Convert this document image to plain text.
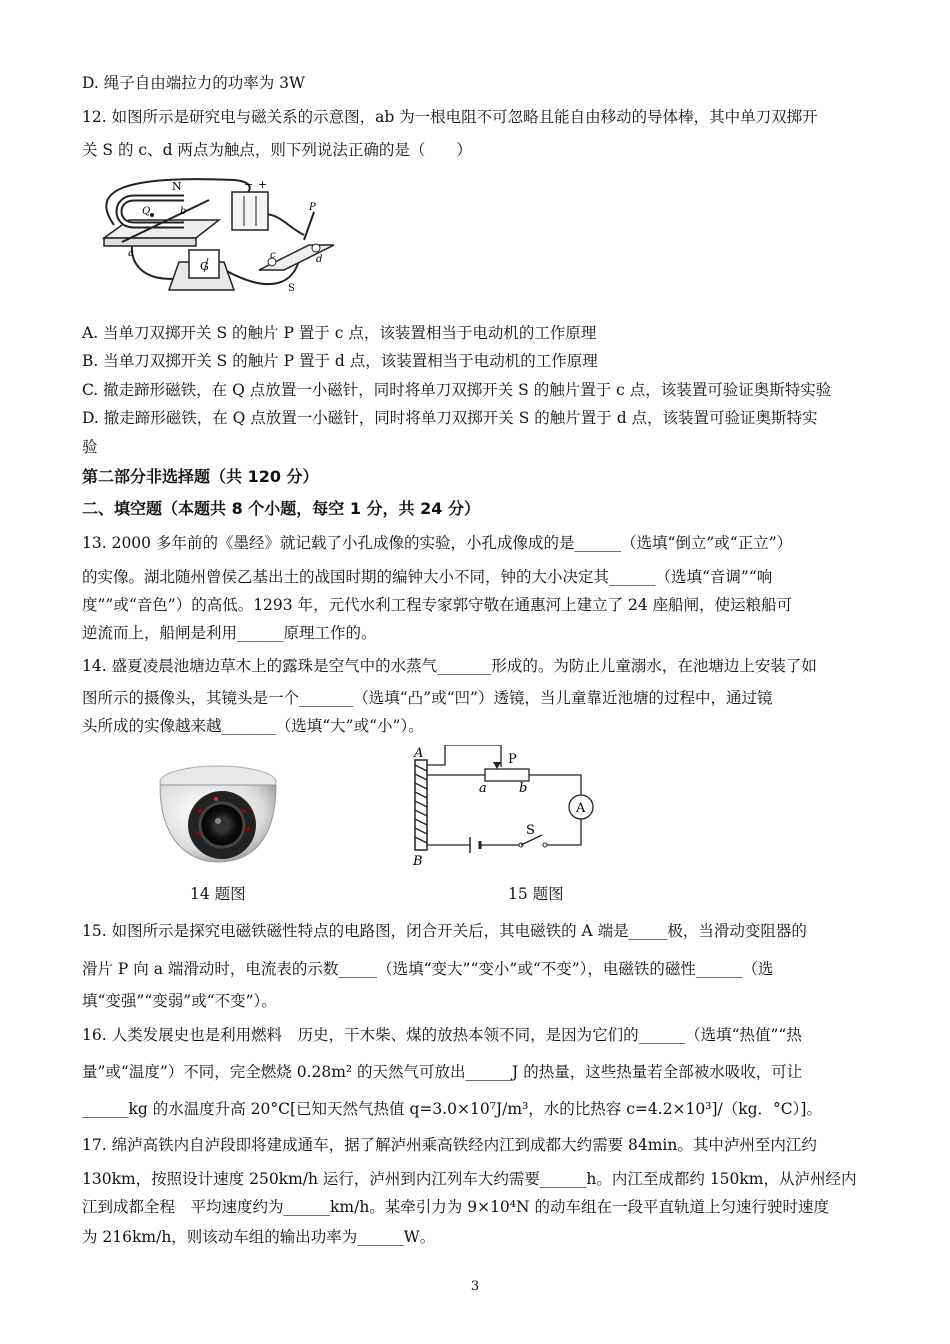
D. 绳子自由端拉力的功率为 3W
12. 如图所示是研究电与磁关系的示意图，ab 为一根电阻不可忽略且能自由移动的导体棒，其中单刀双掷开
关 S 的 c、d 两点为触点，则下列说法正确的是（　　）
N
Q	b
a
G
− +
P
c	d
S
A. 当单刀双掷开关 S 的触片 P 置于 c 点，该装置相当于电动机的工作原理
B. 当单刀双掷开关 S 的触片 P 置于 d 点，该装置相当于电动机的工作原理
C. 撤走蹄形磁铁，在 Q 点放置一小磁针，同时将单刀双掷开关 S 的触片置于 c 点，该装置可验证奥斯特实验
D. 撤走蹄形磁铁，在 Q 点放置一小磁针，同时将单刀双掷开关 S 的触片置于 d 点，该装置可验证奥斯特实
验
第二部分非选择题（共 120 分）
二、填空题（本题共 8 个小题，每空 1 分，共 24 分）
13. 2000 多年前的《墨经》就记载了小孔成像的实验，小孔成像成的是______（选填“倒立”或“正立”）
的实像。湖北随州曾侯乙基出土的战国时期的编钟大小不同，钟的大小决定其______（选填“音调”“响
度””或“音色”）的高低。1293 年，元代水利工程专家郭守敬在通惠河上建立了 24 座船闸，使运粮船可
逆流而上，船闸是利用______原理工作的。
14. 盛夏凌晨池塘边草木上的露珠是空气中的水蒸气_______形成的。为防止儿童溺水，在池塘边上安装了如
图所示的摄像头，其镜头是一个_______（选填“凸”或“凹”）透镜，当儿童靠近池塘的过程中，通过镜
头所成的实像越来越_______（选填“大”或“小”）。
A
B
P
a b
A
S
14 题图	15 题图
15. 如图所示是探究电磁铁磁性特点的电路图，闭合开关后，其电磁铁的 A 端是_____极，当滑动变阻器的
滑片 P 向 a 端滑动时，电流表的示数_____（选填“变大”“变小”或“不变”），电磁铁的磁性______（选
填“变强”“变弱”或“不变”）。
16. 人类发展史也是利用燃料　历史，干木柴、煤的放热本领不同，是因为它们的______（选填“热值”“热
量”或“温度”）不同，完全燃烧 0.28m² 的天然气可放出______J 的热量，这些热量若全部被水吸收，可让
______kg 的水温度升高 20°C[已知天然气热值 q=3.0×10⁷J/m³，水的比热容 c=4.2×10³]/（kg．°C）]。
17. 绵泸高铁内自泸段即将建成通车，据了解泸州乘高铁经内江到成都大约需要 84min。其中泸州至内江约
130km，按照设计速度 250km/h 运行，泸州到内江列车大约需要______h。内江至成都约 150km，从泸州经内
江到成都全程　平均速度约为______km/h。某牵引力为 9×10⁴N 的动车组在一段平直轨道上匀速行驶时速度
为 216km/h，则该动车组的输出功率为______W。
3
